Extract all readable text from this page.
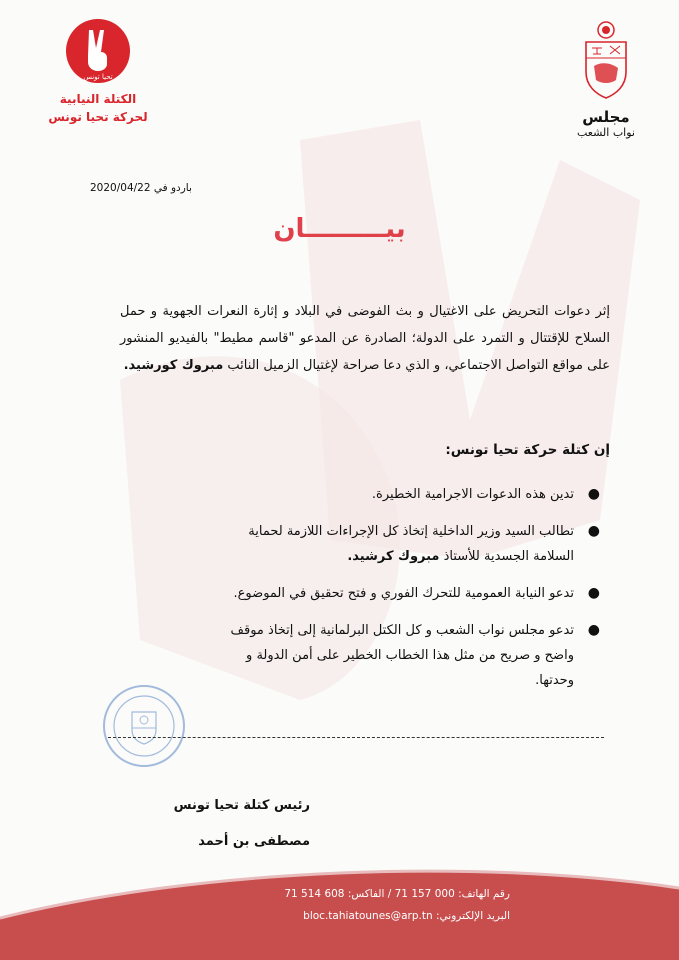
تحيا تونس
الكتلة النيابية
لحركة تحيا تونس	مجلس
نواب الشعب
باردو في 2020/04/22
بيـــــــــان
إثر دعوات التحريض على الاغتيال و بث الفوضى في البلاد و إثارة النعرات الجهوية و حمل السلاح للإقتتال و التمرد على الدولة؛ الصادرة عن المدعو "قاسم مطيط" بالفيديو المنشور على مواقع التواصل الاجتماعي، و الذي دعا صراحة لإغتيال الزميل النائب مبروك كورشيد.
إن كتلة حركة تحيا تونس:
●
تدين هذه الدعوات الاجرامية الخطيرة.
●
تطالب السيد وزير الداخلية إتخاذ كل الإجراءات اللازمة لحماية السلامة الجسدية للأستاذ مبروك كرشيد.
●
تدعو النيابة العمومية للتحرك الفوري و فتح تحقيق في الموضوع.
●
تدعو مجلس نواب الشعب و كل الكتل البرلمانية إلى إتخاذ موقف واضح و صريح من مثل هذا الخطاب الخطير على أمن الدولة و وحدتها.
رئيس كتلة تحيا تونس
مصطفى بن أحمد
رقم الهاتف: 000 157 71 / الفاكس: 608 514 71
البريد الإلكتروني: bloc.tahiatounes@arp.tn
